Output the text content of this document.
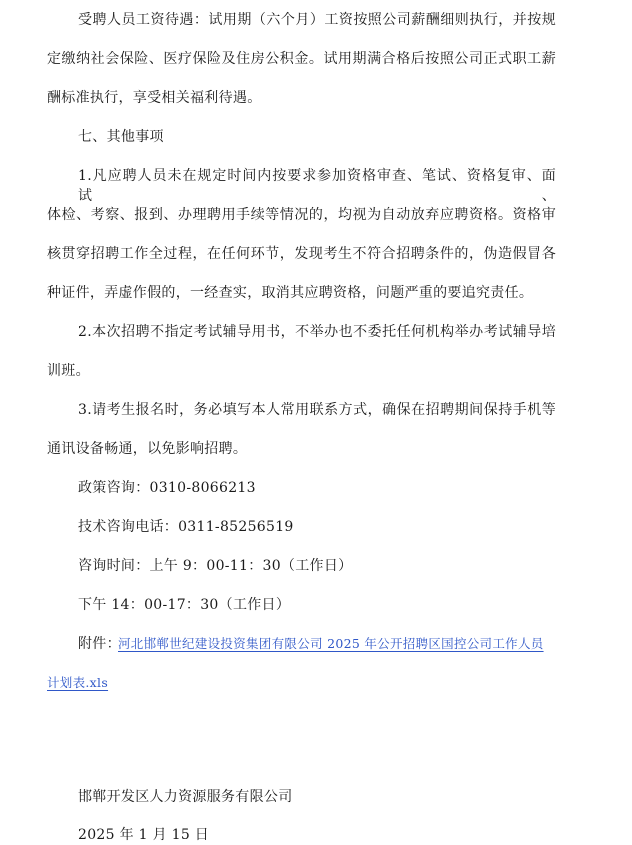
受聘人员工资待遇：试用期（六个月）工资按照公司薪酬细则执行，并按规
定缴纳社会保险、医疗保险及住房公积金。试用期满合格后按照公司正式职工薪
酬标准执行，享受相关福利待遇。
七、其他事项
1.凡应聘人员未在规定时间内按要求参加资格审查、笔试、资格复审、面试、
体检、考察、报到、办理聘用手续等情况的，均视为自动放弃应聘资格。资格审
核贯穿招聘工作全过程，在任何环节，发现考生不符合招聘条件的，伪造假冒各
种证件，弄虚作假的，一经查实，取消其应聘资格，问题严重的要追究责任。
2.本次招聘不指定考试辅导用书，不举办也不委托任何机构举办考试辅导培
训班。
3.请考生报名时，务必填写本人常用联系方式，确保在招聘期间保持手机等
通讯设备畅通，以免影响招聘。
政策咨询：0310-8066213
技术咨询电话：0311-85256519
咨询时间：上午 9：00-11：30（工作日）
下午 14：00-17：30（工作日）
附件：
河北邯郸世纪建设投资集团有限公司 2025 年公开招聘区国控公司工作人员
计划表.xls
邯郸开发区人力资源服务有限公司
2025 年 1 月 15 日
